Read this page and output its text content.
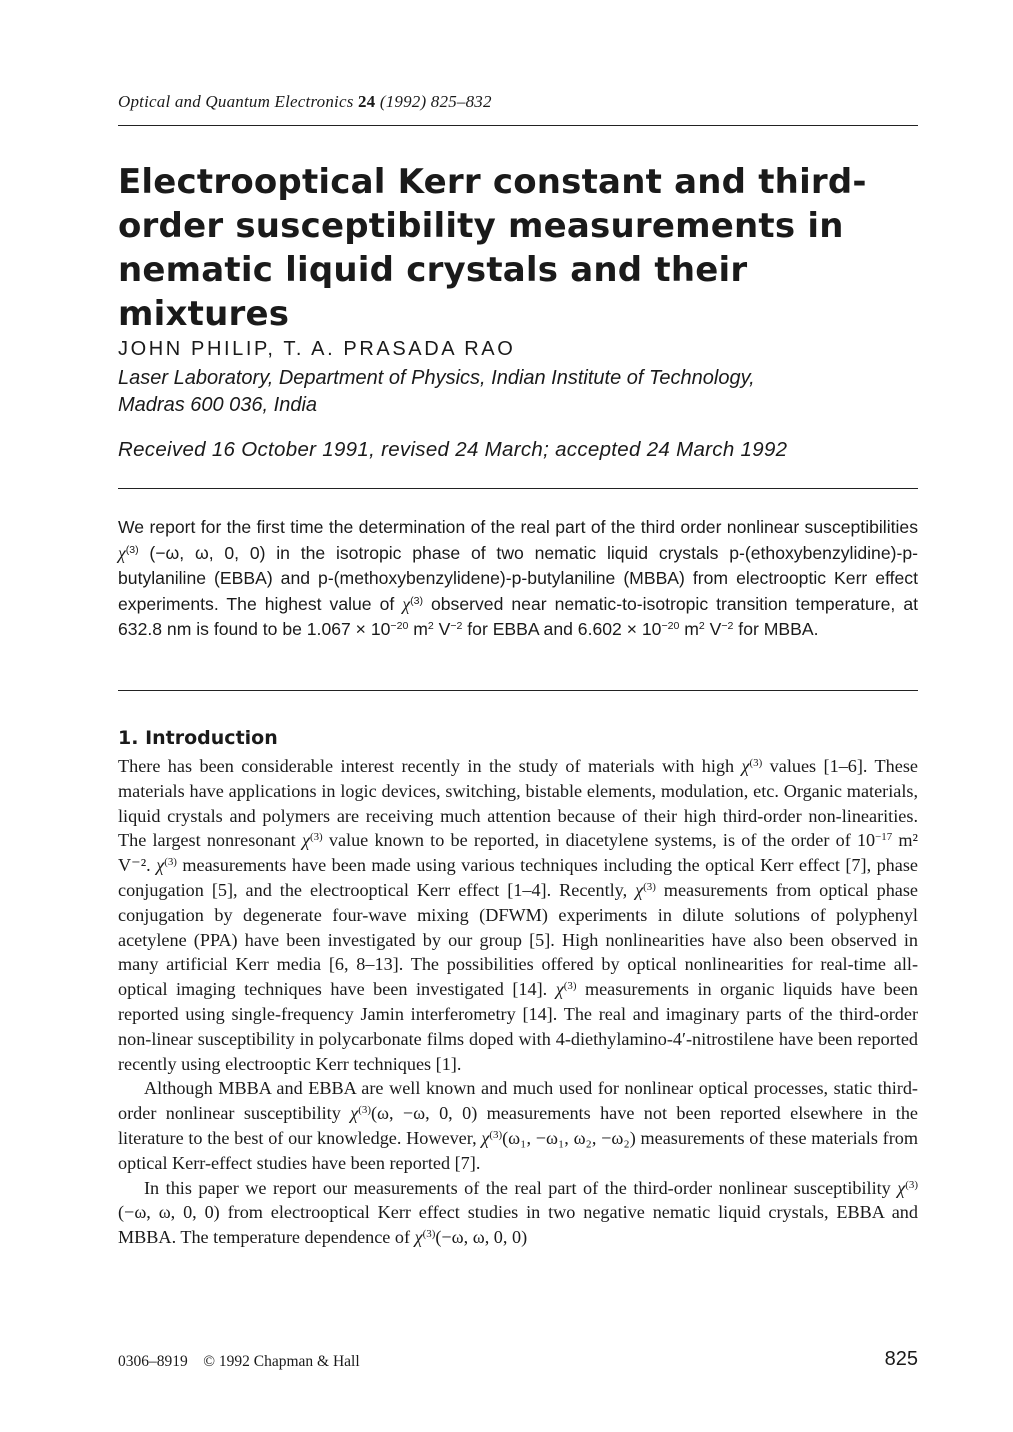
Optical and Quantum Electronics 24 (1992) 825–832
Electrooptical Kerr constant and third-order susceptibility measurements in nematic liquid crystals and their mixtures
JOHN PHILIP, T. A. PRASADA RAO
Laser Laboratory, Department of Physics, Indian Institute of Technology,
Madras 600 036, India
Received 16 October 1991, revised 24 March; accepted 24 March 1992

We report for the first time the determination of the real part of the third order nonlinear susceptibilities $\chi^{(3)}$ (−ω, ω, 0, 0) in the isotropic phase of two nematic liquid crystals p-(ethoxybenzylidine)-p-butylaniline (EBBA) and p-(methoxybenzylidene)-p-butylaniline (MBBA) from electrooptic Kerr effect experiments. The highest value of $\chi^{(3)}$ observed near nematic-to-isotropic transition temperature, at 632.8 nm is found to be $1.067 \times 10^{-20}$ $m^2$ $V^{-2}$ for EBBA and $6.602 \times 10^{-20}$ $m^2$ $V^{-2}$ for MBBA.

1. Introduction

There has been considerable interest recently in the study of materials with high $\chi^{(3)}$ values [1–6]. These materials have applications in logic devices, switching, bistable elements, modulation, etc. Organic materials, liquid crystals and polymers are receiving much attention because of their high third-order non-linearities. The largest nonresonant $\chi^{(3)}$ value known to be reported, in diacetylene systems, is of the order of $10^{-17}$ m² V⁻². $\chi^{(3)}$ measurements have been made using various techniques including the optical Kerr effect [7], phase conjugation [5], and the electrooptical Kerr effect [1–4]. Recently, $\chi^{(3)}$ measurements from optical phase conjugation by degenerate four-wave mixing (DFWM) experiments in dilute solutions of polyphenyl acetylene (PPA) have been investigated by our group [5]. High nonlinearities have also been observed in many artificial Kerr media [6, 8–13]. The possibilities offered by optical nonlinearities for real-time all-optical imaging techniques have been investigated [14]. $\chi^{(3)}$ measurements in organic liquids have been reported using single-frequency Jamin interferometry [14]. The real and imaginary parts of the third-order non-linear susceptibility in polycarbonate films doped with 4-diethylamino-4′-nitrostilene have been reported recently using electrooptic Kerr techniques [1].

Although MBBA and EBBA are well known and much used for nonlinear optical processes, static third-order nonlinear susceptibility $\chi^{(3)}(\omega$, −ω, 0, 0) measurements have not been reported elsewhere in the literature to the best of our knowledge. However, $\chi^{(3)}(\omega_1$, −ω₁, ω₂, −ω₂) measurements of these materials from optical Kerr-effect studies have been reported [7].

In this paper we report our measurements of the real part of the third-order nonlinear susceptibility $\chi^{(3)}(-\omega$, ω, 0, 0) from electrooptical Kerr effect studies in two negative nematic liquid crystals, EBBA and MBBA. The temperature dependence of $\chi^{(3)}(-\omega$, ω, 0, 0)

0306–8919 © 1992 Chapman & Hall	825
